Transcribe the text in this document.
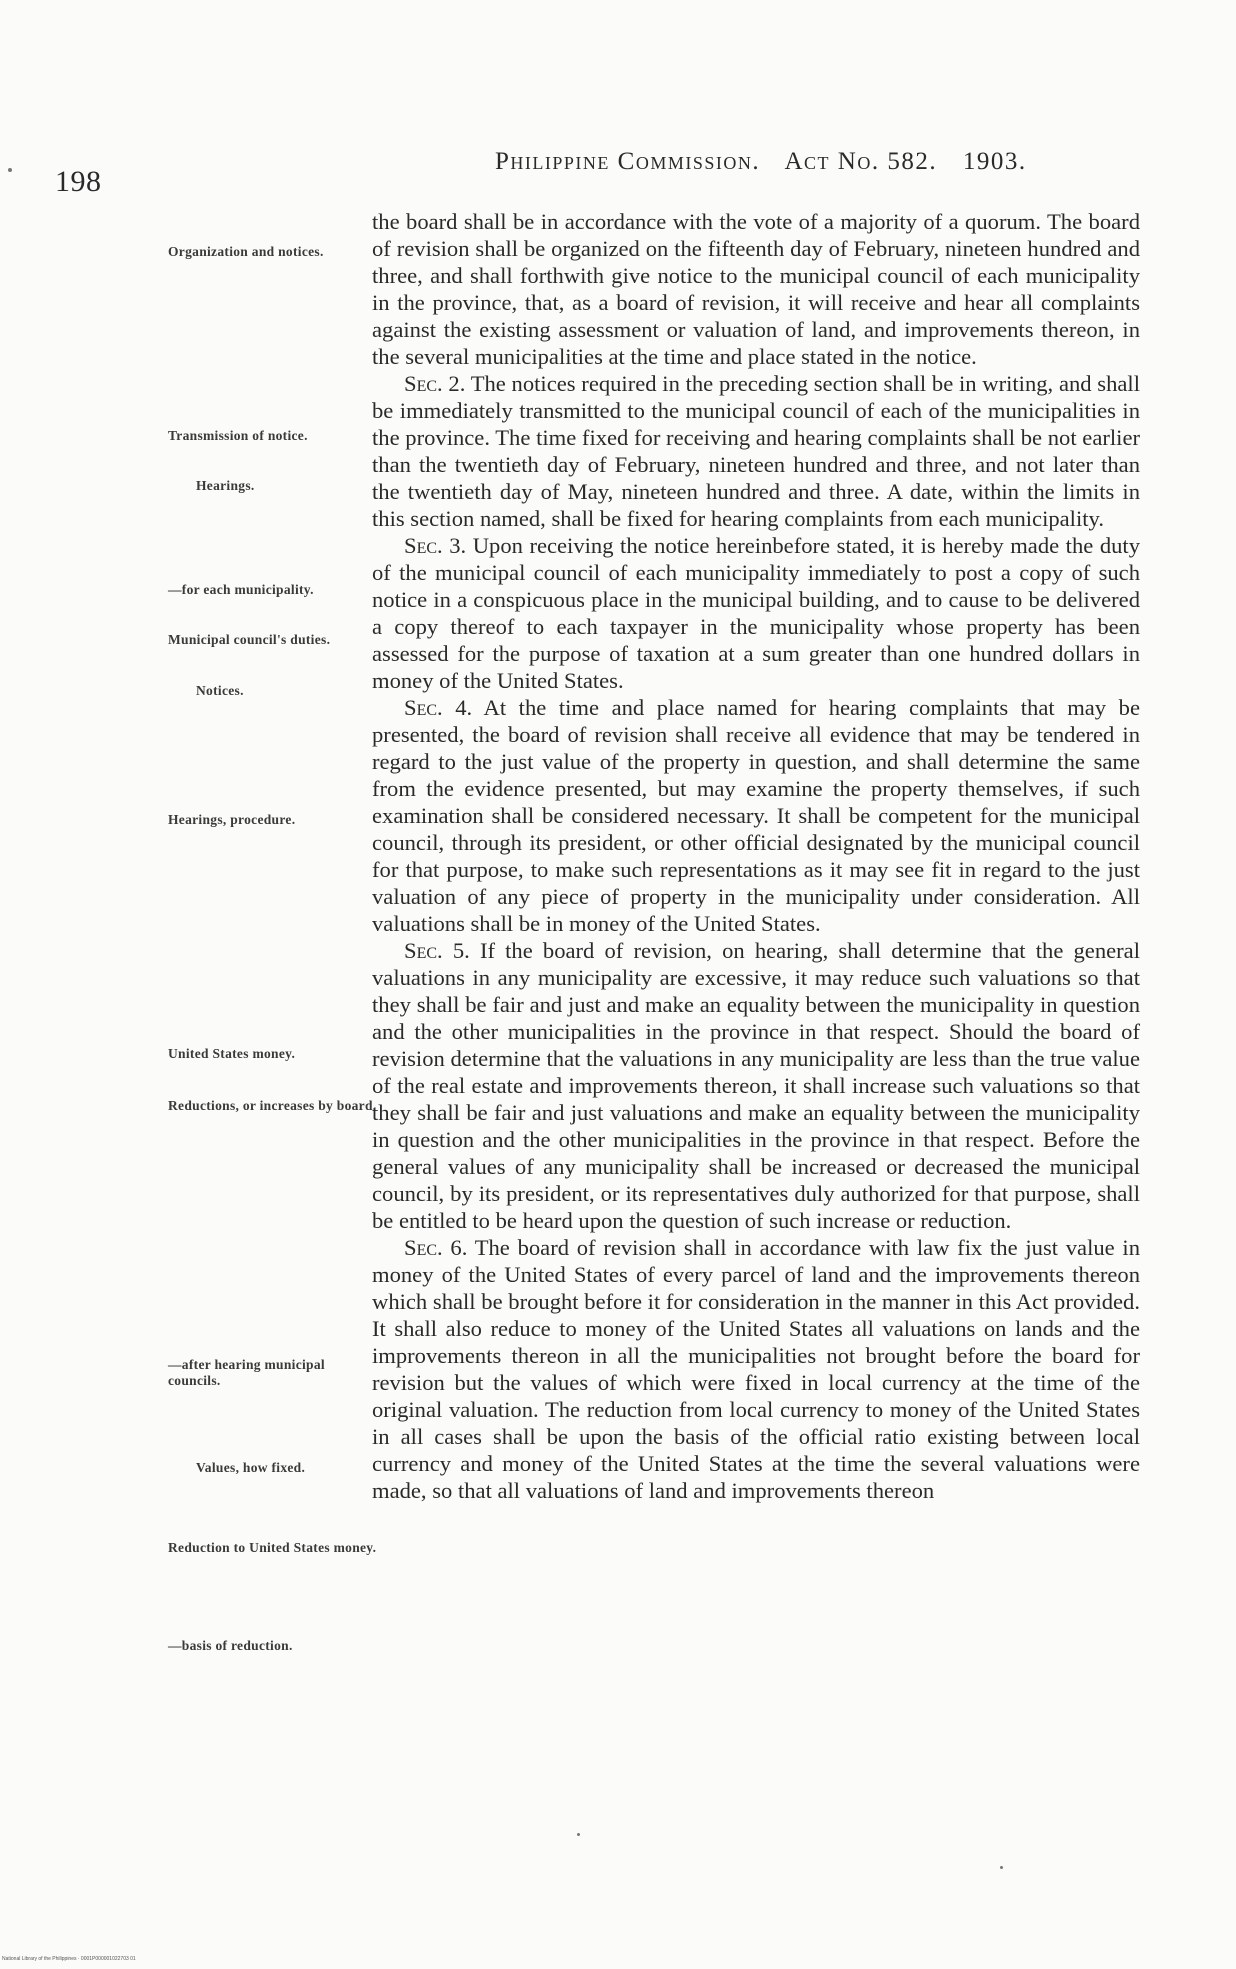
198
Philippine Commission. Act No. 582. 1903.
Organization and notices.
Transmission of notice.
Hearings.
—for each municipality.
Municipal council's duties.
Notices.
Hearings, procedure.
United States money.
Reductions, or increases by board.
—after hearing municipal councils.
Values, how fixed.
Reduction to United States money.
—basis of reduction.

the board shall be in accordance with the vote of a majority of a quorum. The board of revision shall be organized on the fifteenth day of February, nineteen hundred and three, and shall forthwith give notice to the municipal council of each municipality in the province, that, as a board of revision, it will receive and hear all complaints against the existing assessment or valuation of land, and improvements thereon, in the several municipalities at the time and place stated in the notice.

Sec. 2. The notices required in the preceding section shall be in writing, and shall be immediately transmitted to the municipal council of each of the municipalities in the province. The time fixed for receiving and hearing complaints shall be not earlier than the twentieth day of February, nineteen hundred and three, and not later than the twentieth day of May, nineteen hundred and three. A date, within the limits in this section named, shall be fixed for hearing complaints from each municipality.

Sec. 3. Upon receiving the notice hereinbefore stated, it is hereby made the duty of the municipal council of each municipality immediately to post a copy of such notice in a conspicuous place in the municipal building, and to cause to be delivered a copy thereof to each taxpayer in the municipality whose property has been assessed for the purpose of taxation at a sum greater than one hundred dollars in money of the United States.

Sec. 4. At the time and place named for hearing complaints that may be presented, the board of revision shall receive all evidence that may be tendered in regard to the just value of the property in question, and shall determine the same from the evidence presented, but may examine the property themselves, if such examination shall be considered necessary. It shall be competent for the municipal council, through its president, or other official designated by the municipal council for that purpose, to make such representations as it may see fit in regard to the just valuation of any piece of property in the municipality under consideration. All valuations shall be in money of the United States.

Sec. 5. If the board of revision, on hearing, shall determine that the general valuations in any municipality are excessive, it may reduce such valuations so that they shall be fair and just and make an equality between the municipality in question and the other municipalities in the province in that respect. Should the board of revision determine that the valuations in any municipality are less than the true value of the real estate and improvements thereon, it shall increase such valuations so that they shall be fair and just valuations and make an equality between the municipality in question and the other municipalities in the province in that respect. Before the general values of any municipality shall be increased or decreased the municipal council, by its president, or its representatives duly authorized for that purpose, shall be entitled to be heard upon the question of such increase or reduction.

Sec. 6. The board of revision shall in accordance with law fix the just value in money of the United States of every parcel of land and the improvements thereon which shall be brought before it for consideration in the manner in this Act provided. It shall also reduce to money of the United States all valuations on lands and the improvements thereon in all the municipalities not brought before the board for revision but the values of which were fixed in local currency at the time of the original valuation. The reduction from local currency to money of the United States in all cases shall be upon the basis of the official ratio existing between local currency and money of the United States at the time the several valuations were made, so that all valuations of land and improvements thereon

National Library of the Philippines · 0001P000001022703 01
